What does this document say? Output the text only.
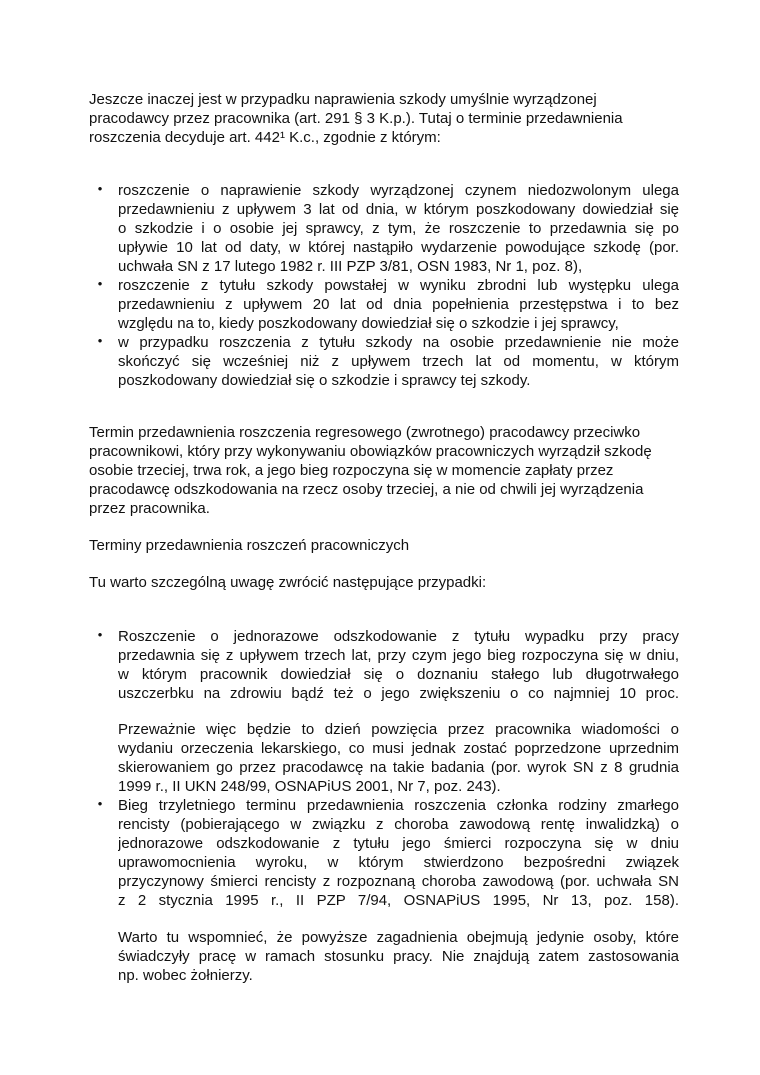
Jeszcze inaczej jest w przypadku naprawienia szkody umyślnie wyrządzonej
pracodawcy przez pracownika (art. 291 § 3 K.p.). Tutaj o terminie przedawnienia
roszczenia decyduje art. 442¹ K.c., zgodnie z którym:
• roszczenie o naprawienie szkody wyrządzonej czynem niedozwolonym ulega
przedawnieniu z upływem 3 lat od dnia, w którym poszkodowany dowiedział się
o szkodzie i o osobie jej sprawcy, z tym, że roszczenie to przedawnia się po
upływie 10 lat od daty, w której nastąpiło wydarzenie powodujące szkodę (por.
uchwała SN z 17 lutego 1982 r. III PZP 3/81, OSN 1983, Nr 1, poz. 8),
• roszczenie z tytułu szkody powstałej w wyniku zbrodni lub występku ulega
przedawnieniu z upływem 20 lat od dnia popełnienia przestępstwa i to bez
względu na to, kiedy poszkodowany dowiedział się o szkodzie i jej sprawcy,
• w przypadku roszczenia z tytułu szkody na osobie przedawnienie nie może
skończyć się wcześniej niż z upływem trzech lat od momentu, w którym
poszkodowany dowiedział się o szkodzie i sprawcy tej szkody.
Termin przedawnienia roszczenia regresowego (zwrotnego) pracodawcy przeciwko
pracownikowi, który przy wykonywaniu obowiązków pracowniczych wyrządził szkodę
osobie trzeciej, trwa rok, a jego bieg rozpoczyna się w momencie zapłaty przez
pracodawcę odszkodowania na rzecz osoby trzeciej, a nie od chwili jej wyrządzenia
przez pracownika.
Terminy przedawnienia roszczeń pracowniczych
Tu warto szczególną uwagę zwrócić następujące przypadki:
• Roszczenie o jednorazowe odszkodowanie z tytułu wypadku przy pracy
przedawnia się z upływem trzech lat, przy czym jego bieg rozpoczyna się w dniu,
w którym pracownik dowiedział się o doznaniu stałego lub długotrwałego
uszczerbku na zdrowiu bądź też o jego zwiększeniu o co najmniej 10 proc.
Przeważnie więc będzie to dzień powzięcia przez pracownika wiadomości o
wydaniu orzeczenia lekarskiego, co musi jednak zostać poprzedzone uprzednim
skierowaniem go przez pracodawcę na takie badania (por. wyrok SN z 8 grudnia
1999 r., II UKN 248/99, OSNAPiUS 2001, Nr 7, poz. 243).
• Bieg trzyletniego terminu przedawnienia roszczenia członka rodziny zmarłego
rencisty (pobierającego w związku z choroba zawodową rentę inwalidzką) o
jednorazowe odszkodowanie z tytułu jego śmierci rozpoczyna się w dniu
uprawomocnienia wyroku, w którym stwierdzono bezpośredni związek
przyczynowy śmierci rencisty z rozpoznaną choroba zawodową (por. uchwała SN
z 2 stycznia 1995 r., II PZP 7/94, OSNAPiUS 1995, Nr 13, poz. 158).
Warto tu wspomnieć, że powyższe zagadnienia obejmują jedynie osoby, które
świadczyły pracę w ramach stosunku pracy. Nie znajdują zatem zastosowania
np. wobec żołnierzy.
